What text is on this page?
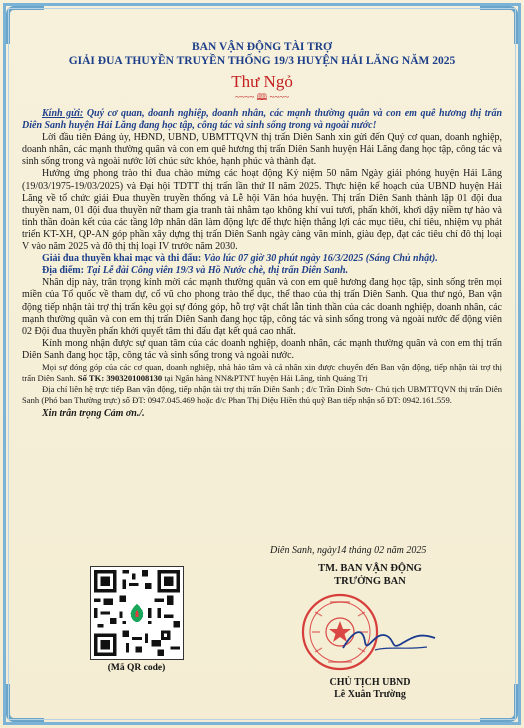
BAN VẬN ĐỘNG TÀI TRỢ
GIẢI ĐUA THUYỀN TRUYỀN THỐNG 19/3 HUYỆN HẢI LĂNG NĂM 2025
Thư Ngỏ
~~~~ 🕮 ~~~~

Kính gửi: Quý cơ quan, doanh nghiệp, doanh nhân, các mạnh thường quân và con em quê hương thị trấn Diên Sanh huyện Hải Lăng đang học tập, công tác và sinh sống trong và ngoài nước!

Lời đầu tiên Đảng ủy, HĐND, UBND, UBMTTQVN thị trấn Diên Sanh xin gửi đến Quý cơ quan, doanh nghiệp, doanh nhân, các mạnh thường quân và con em quê hương thị trấn Diên Sanh huyện Hải Lăng đang học tập, công tác và sinh sống trong và ngoài nước lời chúc sức khỏe, hạnh phúc và thành đạt.

Hướng ứng phong trào thi đua chào mừng các hoạt động Kỷ niệm 50 năm Ngày giải phóng huyện Hải Lăng (19/03/1975-19/03/2025) và Đại hội TDTT thị trấn lần thứ II năm 2025. Thực hiện kế hoạch của UBND huyện Hải Lăng về tổ chức giải Đua thuyền truyền thống và Lễ hội Văn hóa huyện. Thị trấn Diên Sanh thành lập 01 đội đua thuyền nam, 01 đội đua thuyền nữ tham gia tranh tài nhằm tạo không khí vui tươi, phấn khởi, khơi dậy niềm tự hào và tinh thần đoàn kết của các tầng lớp nhân dân làm động lực để thực hiện thắng lợi các mục tiêu, chỉ tiêu, nhiệm vụ phát triển KT-XH, QP-AN góp phần xây dựng thị trấn Diên Sanh ngày càng văn minh, giàu đẹp, đạt các tiêu chí đô thị loại V vào năm 2025 và đô thị thị loại IV trước năm 2030.

Giải đua thuyền khai mạc và thi đấu: Vào lúc 07 giờ 30 phút ngày 16/3/2025 (Sáng Chủ nhật).

Địa điểm: Tại Lễ đài Công viên 19/3 và Hồ Nước chè, thị trấn Diên Sanh.

Nhân dịp này, trân trọng kính mời các mạnh thường quân và con em quê hương đang học tập, sinh sống trên mọi miền của Tổ quốc về tham dự, cổ vũ cho phong trào thể dục, thể thao của thị trấn Diên Sanh. Qua thư ngỏ, Ban vận động tiếp nhận tài trợ thị trấn kêu gọi sự đóng góp, hỗ trợ vật chất lẫn tinh thần của các doanh nghiệp, doanh nhân, các mạnh thường quân và con em thị trấn Diên Sanh đang học tập, công tác và sinh sống trong và ngoài nước để động viên 02 Đội đua thuyền phấn khởi quyết tâm thi đấu đạt kết quả cao nhất.

Kính mong nhận được sự quan tâm của các doanh nghiệp, doanh nhân, các mạnh thường quân và con em thị trấn Diên Sanh đang học tập, công tác và sinh sống trong và ngoài nước.

Mọi sự đóng góp của các cơ quan, doanh nghiệp, nhà hảo tâm và cá nhân xin được chuyển đến Ban vận động, tiếp nhận tài trợ thị trấn Diên Sanh. Số TK: 3903201008130 tại Ngân hàng NN&PTNT huyện Hải Lăng, tỉnh Quảng Trị

Địa chỉ liên hệ trực tiếp Ban vận động, tiếp nhận tài trợ thị trấn Diên Sanh ; đ/c Trần Đình Sơn- Chủ tịch UBMTTQVN thị trấn Diên Sanh (Phó ban Thường trực) số ĐT: 0947.045.469 hoặc đ/c Phan Thị Diệu Hiền thủ quỹ Ban tiếp nhận số ĐT: 0942.161.559.

Xin trân trọng Cảm ơn./.

(Mã QR code)
Diên Sanh, ngày14 tháng 02 năm 2025
TM. BAN VẬN ĐỘNG
TRƯỞNG BAN
CHỦ TỊCH UBND
Lê Xuân Trường
